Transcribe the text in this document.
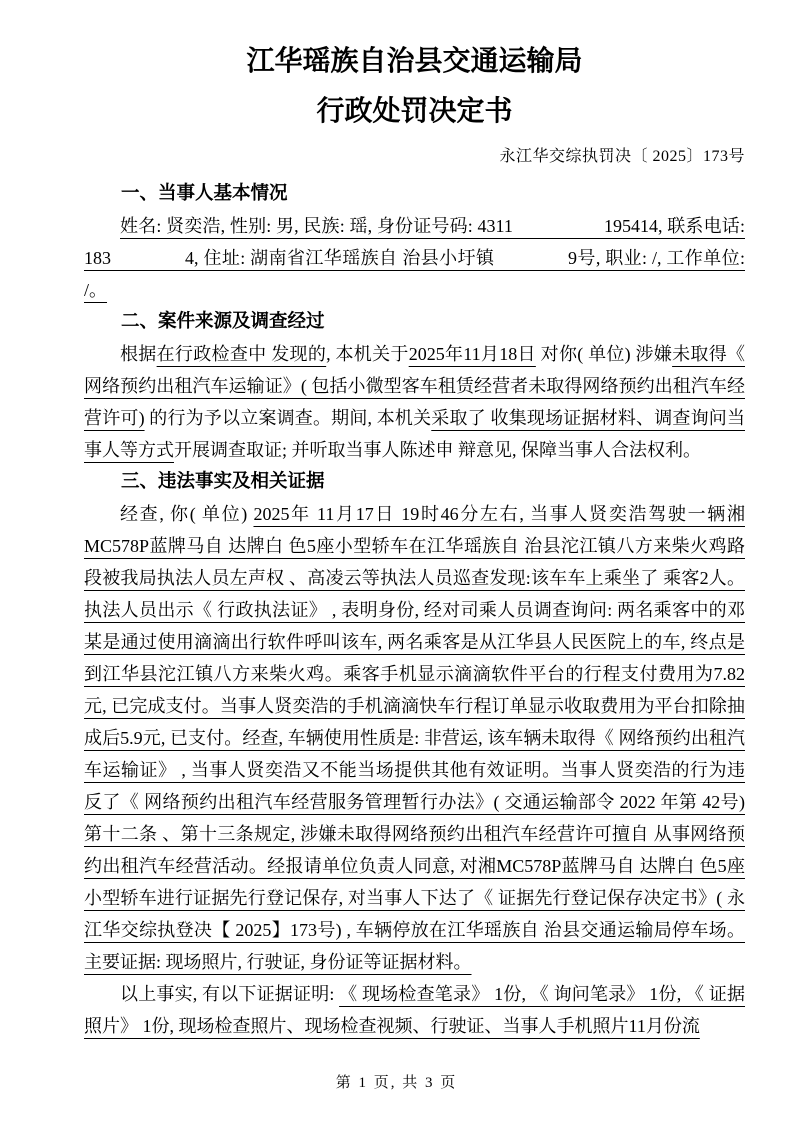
江华瑶族自治县交通运输局
行政处罚决定书
永江华交综执罚决〔 2025〕173号
一、当事人基本情况

姓名: 贤奕浩, 性别: 男, 民族: 瑶, 身份证号码: 4311　　　　　195414, 联系电话: 183　　　　4, 住址: 湖南省江华瑶族自 治县小圩镇　　　　9号, 职业: /, 工作单位: /。

二、案件来源及调查经过

根据在行政检查中 发现的, 本机关于2025年11月18日 对你( 单位) 涉嫌未取得《 网络预约出租汽车运输证》( 包括小微型客车租赁经营者未取得网络预约出租汽车经营许可) 的行为予以立案调查。期间, 本机关采取了 收集现场证据材料、调查询问当事人等方式开展调查取证; 并听取当事人陈述申 辩意见, 保障当事人合法权利。

三、违法事实及相关证据

经查, 你( 单位) 2025年 11月17日 19时46分左右, 当事人贤奕浩驾驶一辆湘MC578P蓝牌马自 达牌白 色5座小型轿车在江华瑶族自 治县沱江镇八方来柴火鸡路段被我局执法人员左声权 、高凌云等执法人员巡查发现:该车车上乘坐了 乘客2人。执法人员出示《 行政执法证》 , 表明身份, 经对司乘人员调查询问: 两名乘客中的邓某是通过使用滴滴出行软件呼叫该车, 两名乘客是从江华县人民医院上的车, 终点是到江华县沱江镇八方来柴火鸡。乘客手机显示滴滴软件平台的行程支付费用为7.82元, 已完成支付。当事人贤奕浩的手机滴滴快车行程订单显示收取费用为平台扣除抽成后5.9元, 已支付。经查, 车辆使用性质是: 非营运, 该车辆未取得《 网络预约出租汽车运输证》 , 当事人贤奕浩又不能当场提供其他有效证明。当事人贤奕浩的行为违反了《 网络预约出租汽车经营服务管理暂行办法》( 交通运输部令 2022 年第 42号) 第十二条 、第十三条规定, 涉嫌未取得网络预约出租汽车经营许可擅自 从事网络预约出租汽车经营活动。经报请单位负责人同意, 对湘MC578P蓝牌马自 达牌白 色5座小型轿车进行证据先行登记保存, 对当事人下达了《 证据先行登记保存决定书》( 永江华交综执登决【 2025】173号) , 车辆停放在江华瑶族自 治县交通运输局停车场。主要证据: 现场照片, 行驶证, 身份证等证据材料。

以上事实, 有以下证据证明: 《 现场检查笔录》 1份, 《 询问笔录》 1份, 《 证据照片》 1份, 现场检查照片、现场检查视频、行驶证、当事人手机照片11月份流

第 1 页, 共 3 页
